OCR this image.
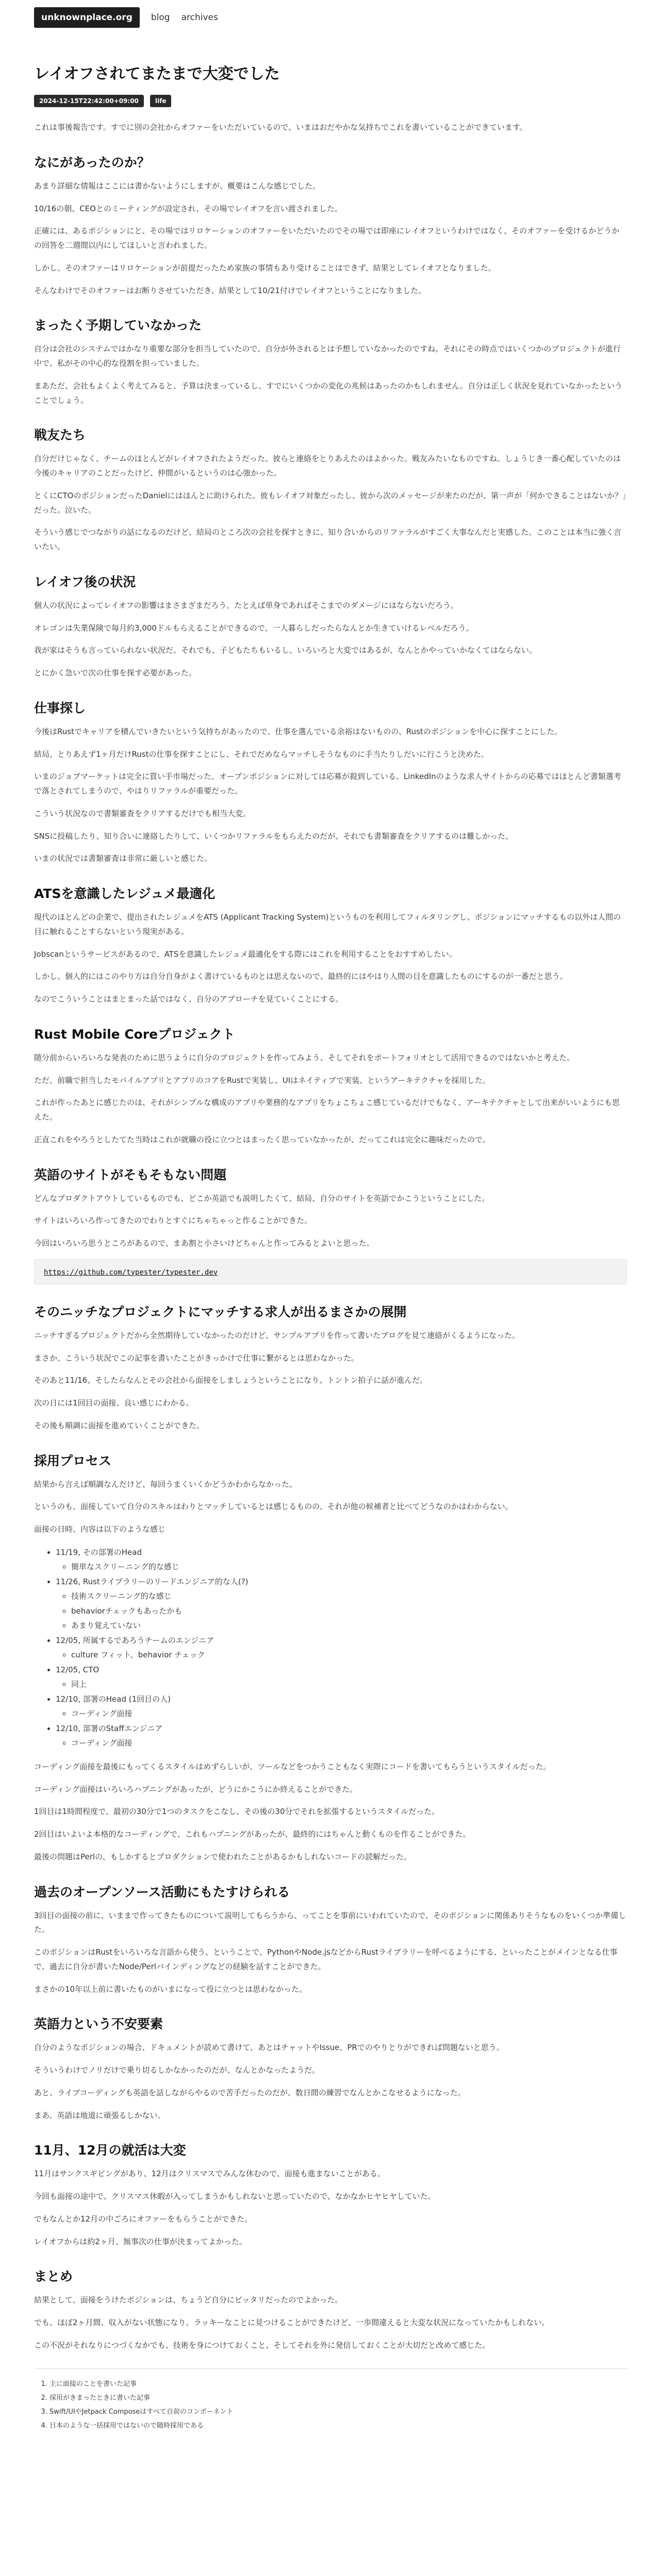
unknownplace.org	blog archives
レイオフされてまたまで大変でした
2024-12-15T22:42:00+09:00	life

これは事後報告です。すでに別の会社からオファーをいただいているので、いまはおだやかな気持ちでこれを書いていることができています。

なにがあったのか？

あまり詳細な情報はここには書かないようにしますが、概要はこんな感じでした。

10/16の朝、CEOとのミーティングが設定され、その場でレイオフを言い渡されました。

正確には、あるポジションにと、その場ではリロケーションのオファーをいただいたのでその場では即座にレイオフというわけではなく、そのオファーを受けるかどうかの回答を二週間以内にしてほしいと言われました。

しかし、そのオファーはリロケーションが前提だったため家族の事情もあり受けることはできず、結果としてレイオフとなりました。

そんなわけでそのオファーはお断りさせていただき、結果として10/21付けでレイオフということになりました。

まったく予期していなかった

自分は会社のシステムではかなり重要な部分を担当していたので、自分が外されるとは予想していなかったのですね。それにその時点ではいくつかのプロジェクトが進行中で、私がその中心的な役割を担っていました。

まあただ、会社もよくよく考えてみると、予算は決まっているし、すでにいくつかの変化の兆候はあったのかもしれません。自分は正しく状況を見れていなかったということでしょう。

戦友たち

自分だけじゃなく、チームのほとんどがレイオフされたようだった。彼らと連絡をとりあえたのはよかった。戦友みたいなものですね。しょうじき一番心配していたのは今後のキャリアのことだったけど、仲間がいるというのは心強かった。

とくにCTOのポジションだったDanielにはほんとに助けられた。彼もレイオフ対象だったし、彼から次のメッセージが来たのだが、第一声が「何かできることはないか？」だった。泣いた。

そういう感じでつながりの話になるのだけど、結局のところ次の会社を探すときに、知り合いからのリファラルがすごく大事なんだと実感した。このことは本当に強く言いたい。

レイオフ後の状況

個人の状況によってレイオフの影響はまさまざまだろう。たとえば単身であればそこまでのダメージにはならないだろう。

オレゴンは失業保険で毎月約3,000ドルもらえることができるので、一人暮らしだったらなんとか生きていけるレベルだろう。

我が家はそうも言っていられない状況だ。それでも、子どもたちもいるし、いろいろと大変ではあるが、なんとかやっていかなくてはならない。

とにかく急いで次の仕事を探す必要があった。

仕事探し

今後はRustでキャリアを積んでいきたいという気持ちがあったので、仕事を選んでいる余裕はないものの、Rustのポジションを中心に探すことにした。

結局、とりあえず1ヶ月だけRustの仕事を探すことにし、それでだめならマッチしそうなものに手当たりしだいに行こうと決めた。

いまのジョブマーケットは完全に買い手市場だった。オープンポジションに対しては応募が殺到している。LinkedInのような求人サイトからの応募ではほとんど書類選考で落とされてしまうので、やはりリファラルが重要だった。

こういう状況なので書類審査をクリアするだけでも相当大変。

SNSに投稿したり、知り合いに連絡したりして、いくつかリファラルをもらえたのだが、それでも書類審査をクリアするのは難しかった。

いまの状況では書類審査は非常に厳しいと感じた。

ATSを意識したレジュメ最適化

現代のほとんどの企業で、提出されたレジュメをATS (Applicant Tracking System)というものを利用してフィルタリングし、ポジションにマッチするもの以外は人間の目に触れることすらないという現実がある。

Jobscanというサービスがあるので、ATSを意識したレジュメ最適化をする際にはこれを利用することをおすすめしたい。

しかし、個人的にはこのやり方は自分自身がよく書けているものとは思えないので、最終的にはやはり人間の目を意識したものにするのが一番だと思う。

なのでこういうことはまとまった話ではなく、自分のアプローチを見ていくことにする。

Rust Mobile Coreプロジェクト

随分前からいろいろな発表のために思うように自分のプロジェクトを作ってみよう、そしてそれをポートフォリオとして活用できるのではないかと考えた。

ただ、前職で担当したモバイルアプリとアプリのコアをRustで実装し、UIはネイティブで実装、というアーキテクチャを採用した。

これが作ったあとに感じたのは、それがシンプルな構成のアプリや業務的なアプリをちょこちょこ感じているだけでもなく、アーキテクチャとして出来がいいようにも思えた。

正直これをやろうとしたてた当時はこれが就職の役に立つとはまったく思っていなかったが、だってこれは完全に趣味だったので。

英語のサイトがそもそもない問題

どんなプロダクトアウトしているものでも、どこか英語でも説明したくて、結局、自分のサイトを英語でかこうということにした。

サイトはいろいろ作ってきたのでわりとすぐにちゃちゃっと作ることができた。

今回はいろいろ思うところがあるので、まあ割と小さいけどちゃんと作ってみるとよいと思った。

https://github.com/typester/typester.dev
そのニッチなプロジェクトにマッチする求人が出るまさかの展開

ニッチすぎるプロジェクトだから全然期待していなかったのだけど、サンプルアプリを作って書いたブログを見て連絡がくるようになった。

まさか、こういう状況でこの記事を書いたことがきっかけで仕事に繋がるとは思わなかった。

そのあと11/16、そしたらなんとその会社から面接をしましょうということになり、トントン拍子に話が進んだ。

次の日には1回目の面接、良い感じにわかる。

その後も順調に面接を進めていくことができた。

採用プロセス

結果から言えば順調なんだけど、毎回うまくいくかどうかわからなかった。

というのも、面接していて自分のスキルはわりとマッチしているとは感じるものの、それが他の候補者と比べてどうなのかはわからない。

面接の日時、内容は以下のような感じ

• 11/19, その部署のHead
◦ 簡単なスクリーニング的な感じ
• 11/26, Rustライブラリーのリードエンジニア的な人(?)
◦ 技術スクリーニング的な感じ
◦ behaviorチェックもあったかも
◦ あまり覚えていない
• 12/05, 所属するであろうチームのエンジニア
◦ culture フィット、behavior チェック
• 12/05, CTO
◦ 同上
• 12/10, 部署のHead (1回目の人)
◦ コーディング面接
• 12/10, 部署のStaffエンジニア
◦ コーディング面接

コーディング面接を最後にもってくるスタイルはめずらしいが、ツールなどをつかうこともなく実際にコードを書いてもらうというスタイルだった。

コーディング面接はいろいろハプニングがあったが、どうにかこうにか終えることができた。

1回目は1時間程度で、最初の30分で1つのタスクをこなし、その後の30分でそれを拡張するというスタイルだった。

2回目はいよいよ本格的なコーディングで、これもハプニングがあったが、最終的にはちゃんと動くものを作ることができた。

最後の問題はPerlの、もしかするとプロダクションで使われたことがあるかもしれないコードの読解だった。

過去のオープンソース活動にもたすけられる

3回目の面接の前に、いままで作ってきたものについて説明してもらうから、ってことを事前にいわれていたので、そのポジションに関係ありそうなものをいくつか準備した。

このポジションはRustをいろいろな言語から使う、ということで、PythonやNode.jsなどからRustライブラリーを呼べるようにする、といったことがメインとなる仕事で、過去に自分が書いたNode/Perlバインディングなどの経験を話すことができた。

まさかの10年以上前に書いたものがいまになって役に立つとは思わなかった。

英語力という不安要素

自分のようなポジションの場合、ドキュメントが読めて書けて、あとはチャットやIssue、PRでのやりとりができれば問題ないと思う。

そういうわけでノリだけで乗り切るしかなかったのだが、なんとかなったようだ。

あと、ライブコーディングも英語を話しながらやるので苦手だったのだが、数日間の練習でなんとかこなせるようになった。

まあ、英語は地道に頑張るしかない。

11月、12月の就活は大変

11月はサンクスギビングがあり、12月はクリスマスでみんな休むので、面接も進まないことがある。

今回も面接の途中で、クリスマス休暇が入ってしまうかもしれないと思っていたので、なかなかヒヤヒヤしていた。

でもなんとか12月の中ごろにオファーをもらうことができた。

レイオフからは約2ヶ月、無事次の仕事が決まってよかった。

まとめ

結果として、面接をうけたポジションは、ちょうど自分にピッタリだったのでよかった。

でも、ほぼ2ヶ月間、収入がない状態になり、ラッキーなことに見つけることができたけど、一歩間違えると大変な状況になっていたかもしれない。

この不況がそれなりにつづくなかでも、技術を身につけておくこと、そしてそれを外に発信しておくことが大切だと改めて感じた。

1. 主に面接のことを書いた記事
2. 採用がきまったときに書いた記事
3. Swift/UIやJetpack Composeはすべて自前のコンポーネント
4. 日本のような一括採用ではないので随時採用である
